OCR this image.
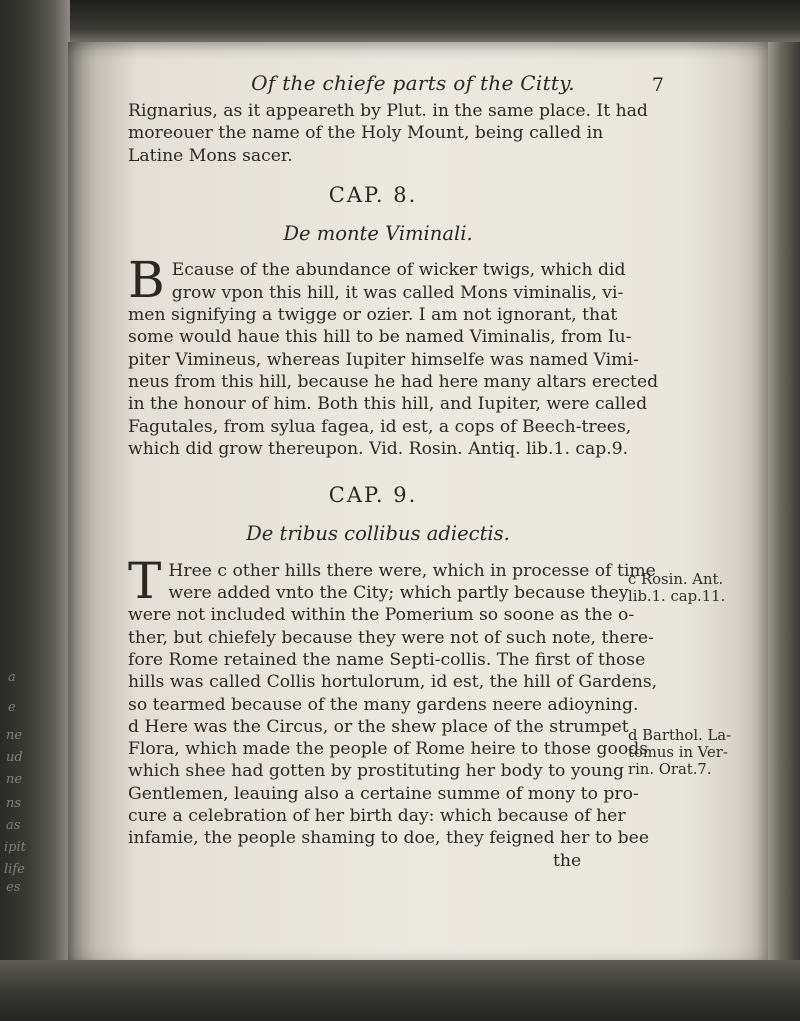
Of the chiefe parts of the Citty.	7
Rignarius, as it appeareth by Plut. in the same place. It had
moreouer the name of the Holy Mount, being called in
Latine Mons sacer.
CAP. 8.
De monte Viminali.
B Ecause of the abundance of wicker twigs, which did
grow vpon this hill, it was called Mons viminalis, vi-
men signifying a twigge or ozier. I am not ignorant, that
some would haue this hill to be named Viminalis, from Iu-
piter Vimineus, whereas Iupiter himselfe was named Vimi-
neus from this hill, because he had here many altars erected
in the honour of him. Both this hill, and Iupiter, were called
Fagutales, from sylua fagea, id est, a cops of Beech-trees,
which did grow thereupon. Vid. Rosin. Antiq. lib.1. cap.9.
CAP. 9.
De tribus collibus adiectis.
T Hree c other hills there were, which in processe of time
were added vnto the City; which partly because they
were not included within the Pomerium so soone as the o-
ther, but chiefely because they were not of such note, there-
fore Rome retained the name Septi-collis. The first of those
hills was called Collis hortulorum, id est, the hill of Gardens,
so tearmed because of the many gardens neere adioyning.
d Here was the Circus, or the shew place of the strumpet
Flora, which made the people of Rome heire to those goods
which shee had gotten by prostituting her body to young
Gentlemen, leauing also a certaine summe of mony to pro-
cure a celebration of her birth day: which because of her
infamie, the people shaming to doe, they feigned her to bee
the
c Rosin. Ant.
lib.1. cap.11.
d Barthol. La-
tomus in Ver-
rin. Orat.7.
a
e
ne
ud
ne
ns
as
ipit
life
es
